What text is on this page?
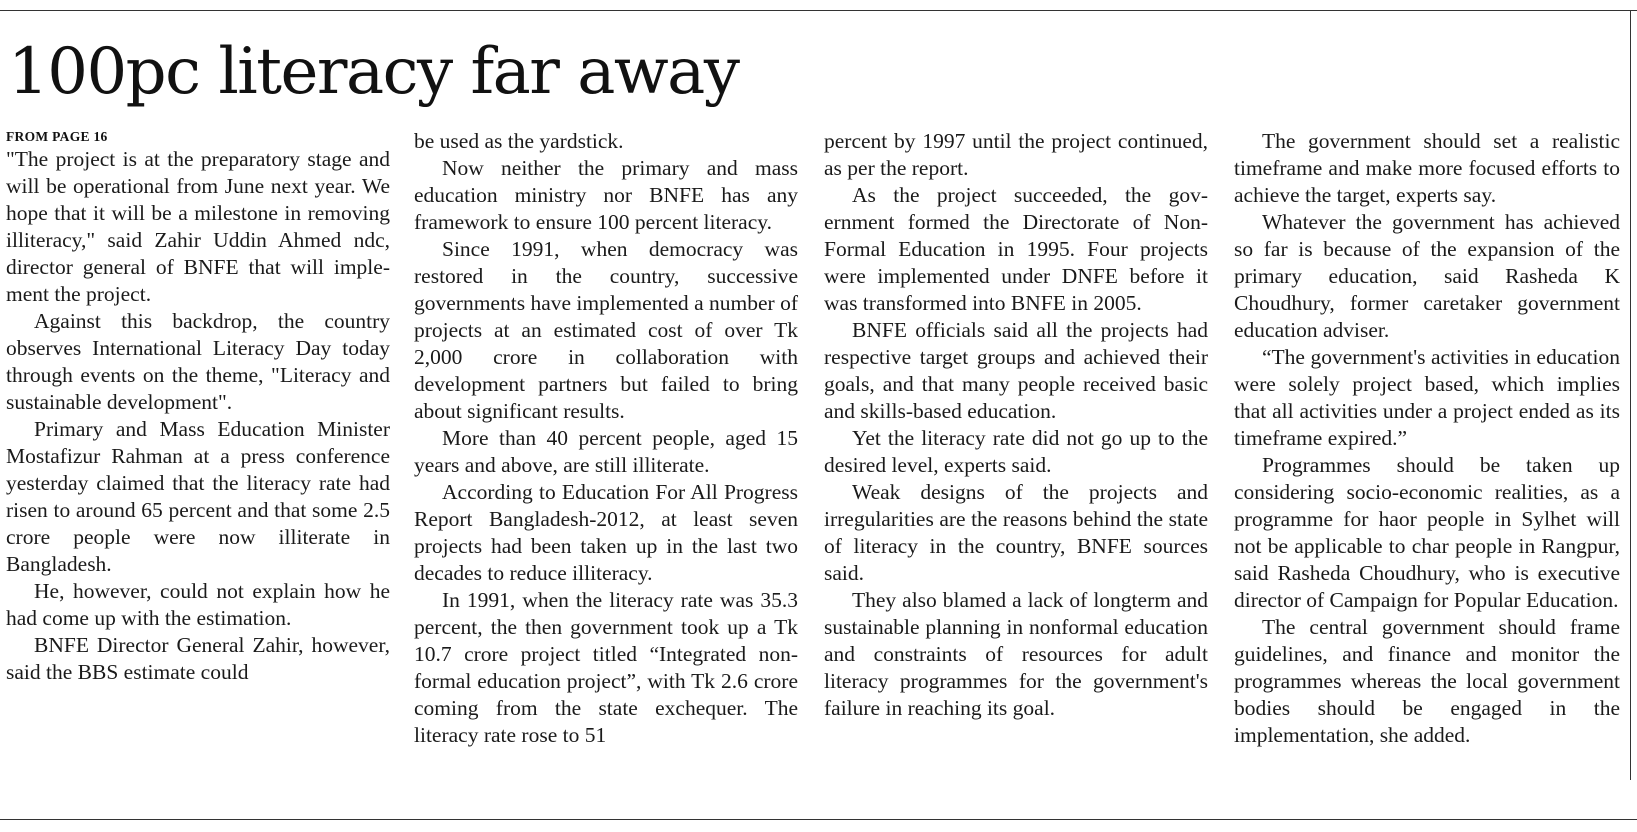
100pc literacy far away
FROM PAGE 16

"The project is at the preparatory stage and will be operational from June next year. We hope that it will be a milestone in removing illiteracy," said Zahir Uddin Ahmed ndc, director general of BNFE that will implement the project.

Against this backdrop, the country observes International Literacy Day today through events on the theme, "Literacy and sustainable development".

Primary and Mass Education Minister Mostafizur Rahman at a press conference yesterday claimed that the literacy rate had risen to around 65 percent and that some 2.5 crore people were now illiterate in Bangladesh.

He, however, could not explain how he had come up with the estimation.

BNFE Director General Zahir, however, said the BBS estimate could

be used as the yardstick.

Now neither the primary and mass education ministry nor BNFE has any framework to ensure 100 percent literacy.

Since 1991, when democracy was restored in the country, successive governments have implemented a number of projects at an estimated cost of over Tk 2,000 crore in collaboration with development partners but failed to bring about significant results.

More than 40 percent people, aged 15 years and above, are still illiterate.

According to Education For All Progress Report Bangladesh-2012, at least seven projects had been taken up in the last two decades to reduce illiteracy.

In 1991, when the literacy rate was 35.3 percent, the then government took up a Tk 10.7 crore project titled “Integrated non-formal education project”, with Tk 2.6 crore coming from the state exchequer. The literacy rate rose to 51

percent by 1997 until the project continued, as per the report.

As the project succeeded, the government formed the Directorate of Non-Formal Education in 1995. Four projects were implemented under DNFE before it was transformed into BNFE in 2005.

BNFE officials said all the projects had respective target groups and achieved their goals, and that many people received basic and skills-based education.

Yet the literacy rate did not go up to the desired level, experts said.

Weak designs of the projects and irregularities are the reasons behind the state of literacy in the country, BNFE sources said.

They also blamed a lack of longterm and sustainable planning in nonformal education and constraints of resources for adult literacy programmes for the government's failure in reaching its goal.

The government should set a realistic timeframe and make more focused efforts to achieve the target, experts say.

Whatever the government has achieved so far is because of the expansion of the primary education, said Rasheda K Choudhury, former caretaker government education adviser.

“The government's activities in education were solely project based, which implies that all activities under a project ended as its timeframe expired.”

Programmes should be taken up considering socio-economic realities, as a programme for haor people in Sylhet will not be applicable to char people in Rangpur, said Rasheda Choudhury, who is executive director of Campaign for Popular Education.

The central government should frame guidelines, and finance and monitor the programmes whereas the local government bodies should be engaged in the implementation, she added.
